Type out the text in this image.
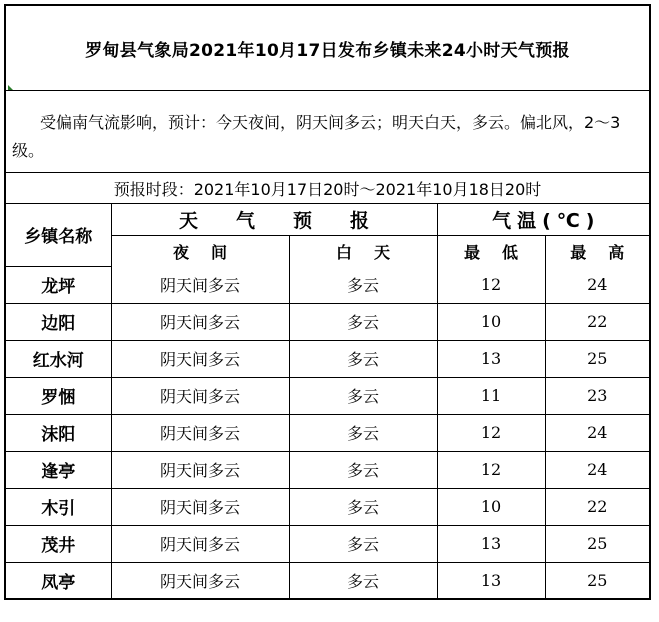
罗甸县气象局2021年10月17日发布乡镇未来24小时天气预报
受偏南气流影响，预计：今天夜间，阴天间多云；明天白天，多云。偏北风，2～3级。
预报时段：2021年10月17日20时～2021年10月18日20时
乡镇名称	天气预报		气温(℃)	
	夜间	白天	最低	最高
龙坪	阴天间多云	多云	12	24
边阳	阴天间多云	多云	10	22
红水河	阴天间多云	多云	13	25
罗悃	阴天间多云	多云	11	23
沫阳	阴天间多云	多云	12	24
逢亭	阴天间多云	多云	12	24
木引	阴天间多云	多云	10	22
茂井	阴天间多云	多云	13	25
凤亭	阴天间多云	多云	13	25
